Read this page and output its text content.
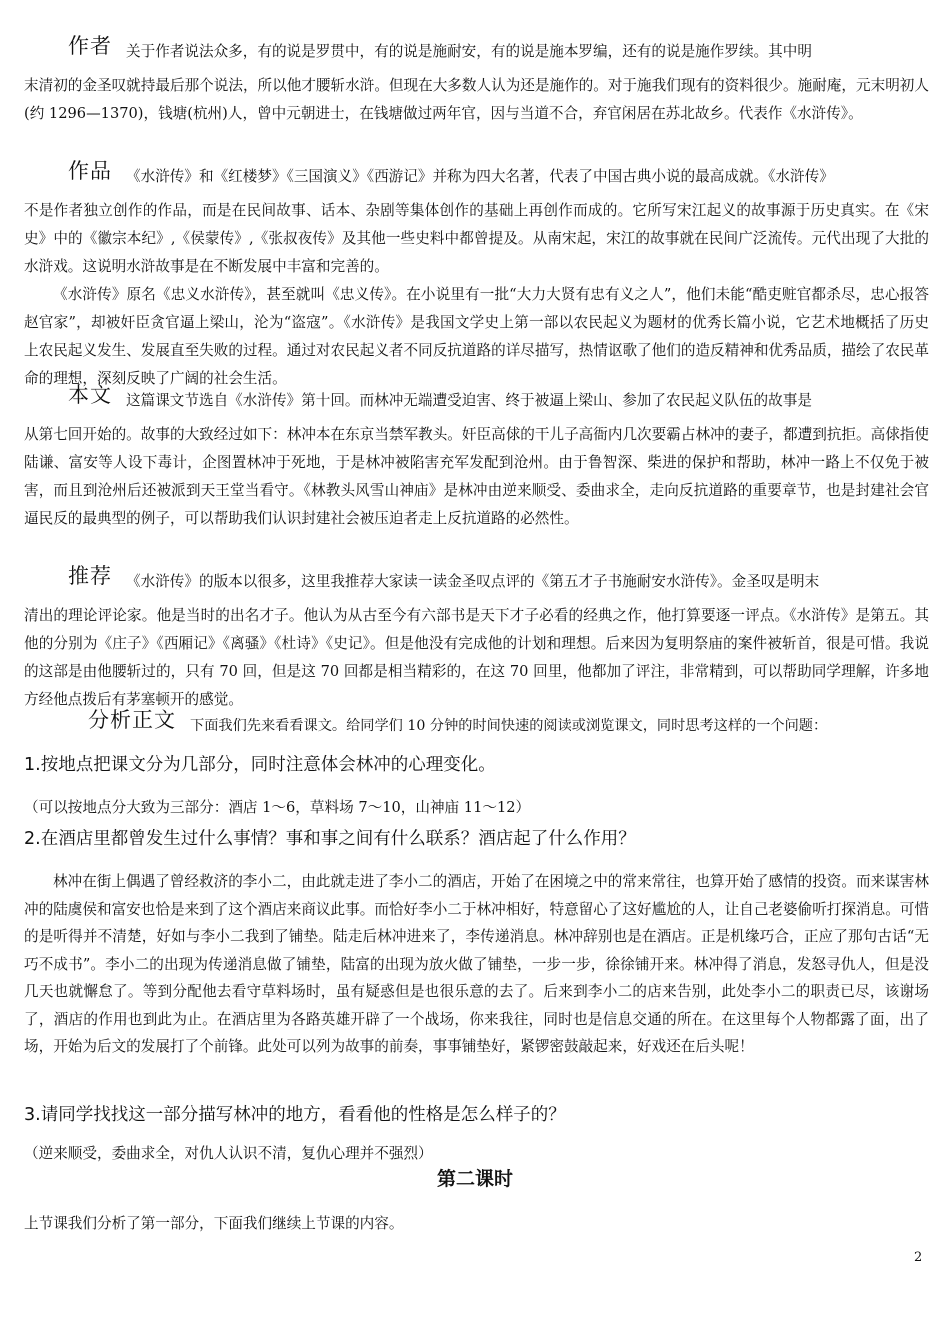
作者 关于作者说法众多，有的说是罗贯中，有的说是施耐安，有的说是施本罗编，还有的说是施作罗续。其中明

末清初的金圣叹就持最后那个说法，所以他才腰斩水浒。但现在大多数人认为还是施作的。对于施我们现有的资料很少。施耐庵，元末明初人(约 1296—1370)，钱塘(杭州)人，曾中元朝进士，在钱塘做过两年官，因与当道不合，弃官闲居在苏北故乡。代表作《水浒传》。

作品 《水浒传》和《红楼梦》《三国演义》《西游记》并称为四大名著，代表了中国古典小说的最高成就。《水浒传》

不是作者独立创作的作品，而是在民间故事、话本、杂剧等集体创作的基础上再创作而成的。它所写宋江起义的故事源于历史真实。在《宋史》中的《徽宗本纪》,《侯蒙传》,《张叔夜传》及其他一些史料中都曾提及。从南宋起，宋江的故事就在民间广泛流传。元代出现了大批的水浒戏。这说明水浒故事是在不断发展中丰富和完善的。

《水浒传》原名《忠义水浒传》，甚至就叫《忠义传》。在小说里有一批“大力大贤有忠有义之人”，他们未能“酷吏赃官都杀尽，忠心报答赵官家”，却被奸臣贪官逼上梁山，沦为“盗寇”。《水浒传》是我国文学史上第一部以农民起义为题材的优秀长篇小说，它艺术地概括了历史上农民起义发生、发展直至失败的过程。通过对农民起义者不同反抗道路的详尽描写，热情讴歌了他们的造反精神和优秀品质，描绘了农民革命的理想，深刻反映了广阔的社会生活。

本文 这篇课文节选自《水浒传》第十回。而林冲无端遭受迫害、终于被逼上梁山、参加了农民起义队伍的故事是

从第七回开始的。故事的大致经过如下：林冲本在东京当禁军教头。奸臣高俅的干儿子高衙内几次要霸占林冲的妻子，都遭到抗拒。高俅指使陆谦、富安等人设下毒计，企图置林冲于死地，于是林冲被陷害充军发配到沧州。由于鲁智深、柴进的保护和帮助，林冲一路上不仅免于被害，而且到沧州后还被派到天王堂当看守。《林教头风雪山神庙》是林冲由逆来顺受、委曲求全，走向反抗道路的重要章节，也是封建社会官逼民反的最典型的例子，可以帮助我们认识封建社会被压迫者走上反抗道路的必然性。

推荐 《水浒传》的版本以很多，这里我推荐大家读一读金圣叹点评的《第五才子书施耐安水浒传》。金圣叹是明末

清出的理论评论家。他是当时的出名才子。他认为从古至今有六部书是天下才子必看的经典之作，他打算要逐一评点。《水浒传》是第五。其他的分别为《庄子》《西厢记》《离骚》《杜诗》《史记》。但是他没有完成他的计划和理想。后来因为复明祭庙的案件被斩首，很是可惜。我说的这部是由他腰斩过的，只有 70 回，但是这 70 回都是相当精彩的，在这 70 回里，他都加了评注，非常精到，可以帮助同学理解，许多地方经他点拨后有茅塞顿开的感觉。

分析正文 下面我们先来看看课文。给同学们 10 分钟的时间快速的阅读或浏览课文，同时思考这样的一个问题：

1.按地点把课文分为几部分，同时注意体会林冲的心理变化。

（可以按地点分大致为三部分：酒店 1～6，草料场 7～10，山神庙 11～12）

2.在酒店里都曾发生过什么事情？事和事之间有什么联系？酒店起了什么作用？

林冲在街上偶遇了曾经救济的李小二，由此就走进了李小二的酒店，开始了在困境之中的常来常往，也算开始了感情的投资。而来谋害林冲的陆虞侯和富安也恰是来到了这个酒店来商议此事。而恰好李小二于林冲相好，特意留心了这好尴尬的人，让自己老婆偷听打探消息。可惜的是听得并不清楚，好如与李小二我到了铺垫。陆走后林冲进来了，李传递消息。林冲辞别也是在酒店。正是机缘巧合，正应了那句古话“无巧不成书”。李小二的出现为传递消息做了铺垫，陆富的出现为放火做了铺垫，一步一步，徐徐铺开来。林冲得了消息，发怒寻仇人，但是没几天也就懈怠了。等到分配他去看守草料场时，虽有疑惑但是也很乐意的去了。后来到李小二的店来告别，此处李小二的职责已尽，该谢场了，酒店的作用也到此为止。在酒店里为各路英雄开辟了一个战场，你来我往，同时也是信息交通的所在。在这里每个人物都露了面，出了场，开始为后文的发展打了个前锋。此处可以列为故事的前奏，事事铺垫好，紧锣密鼓敲起来，好戏还在后头呢！

3.请同学找找这一部分描写林冲的地方，看看他的性格是怎么样子的？

（逆来顺受，委曲求全，对仇人认识不清，复仇心理并不强烈）

第二课时

上节课我们分析了第一部分，下面我们继续上节课的内容。

2
